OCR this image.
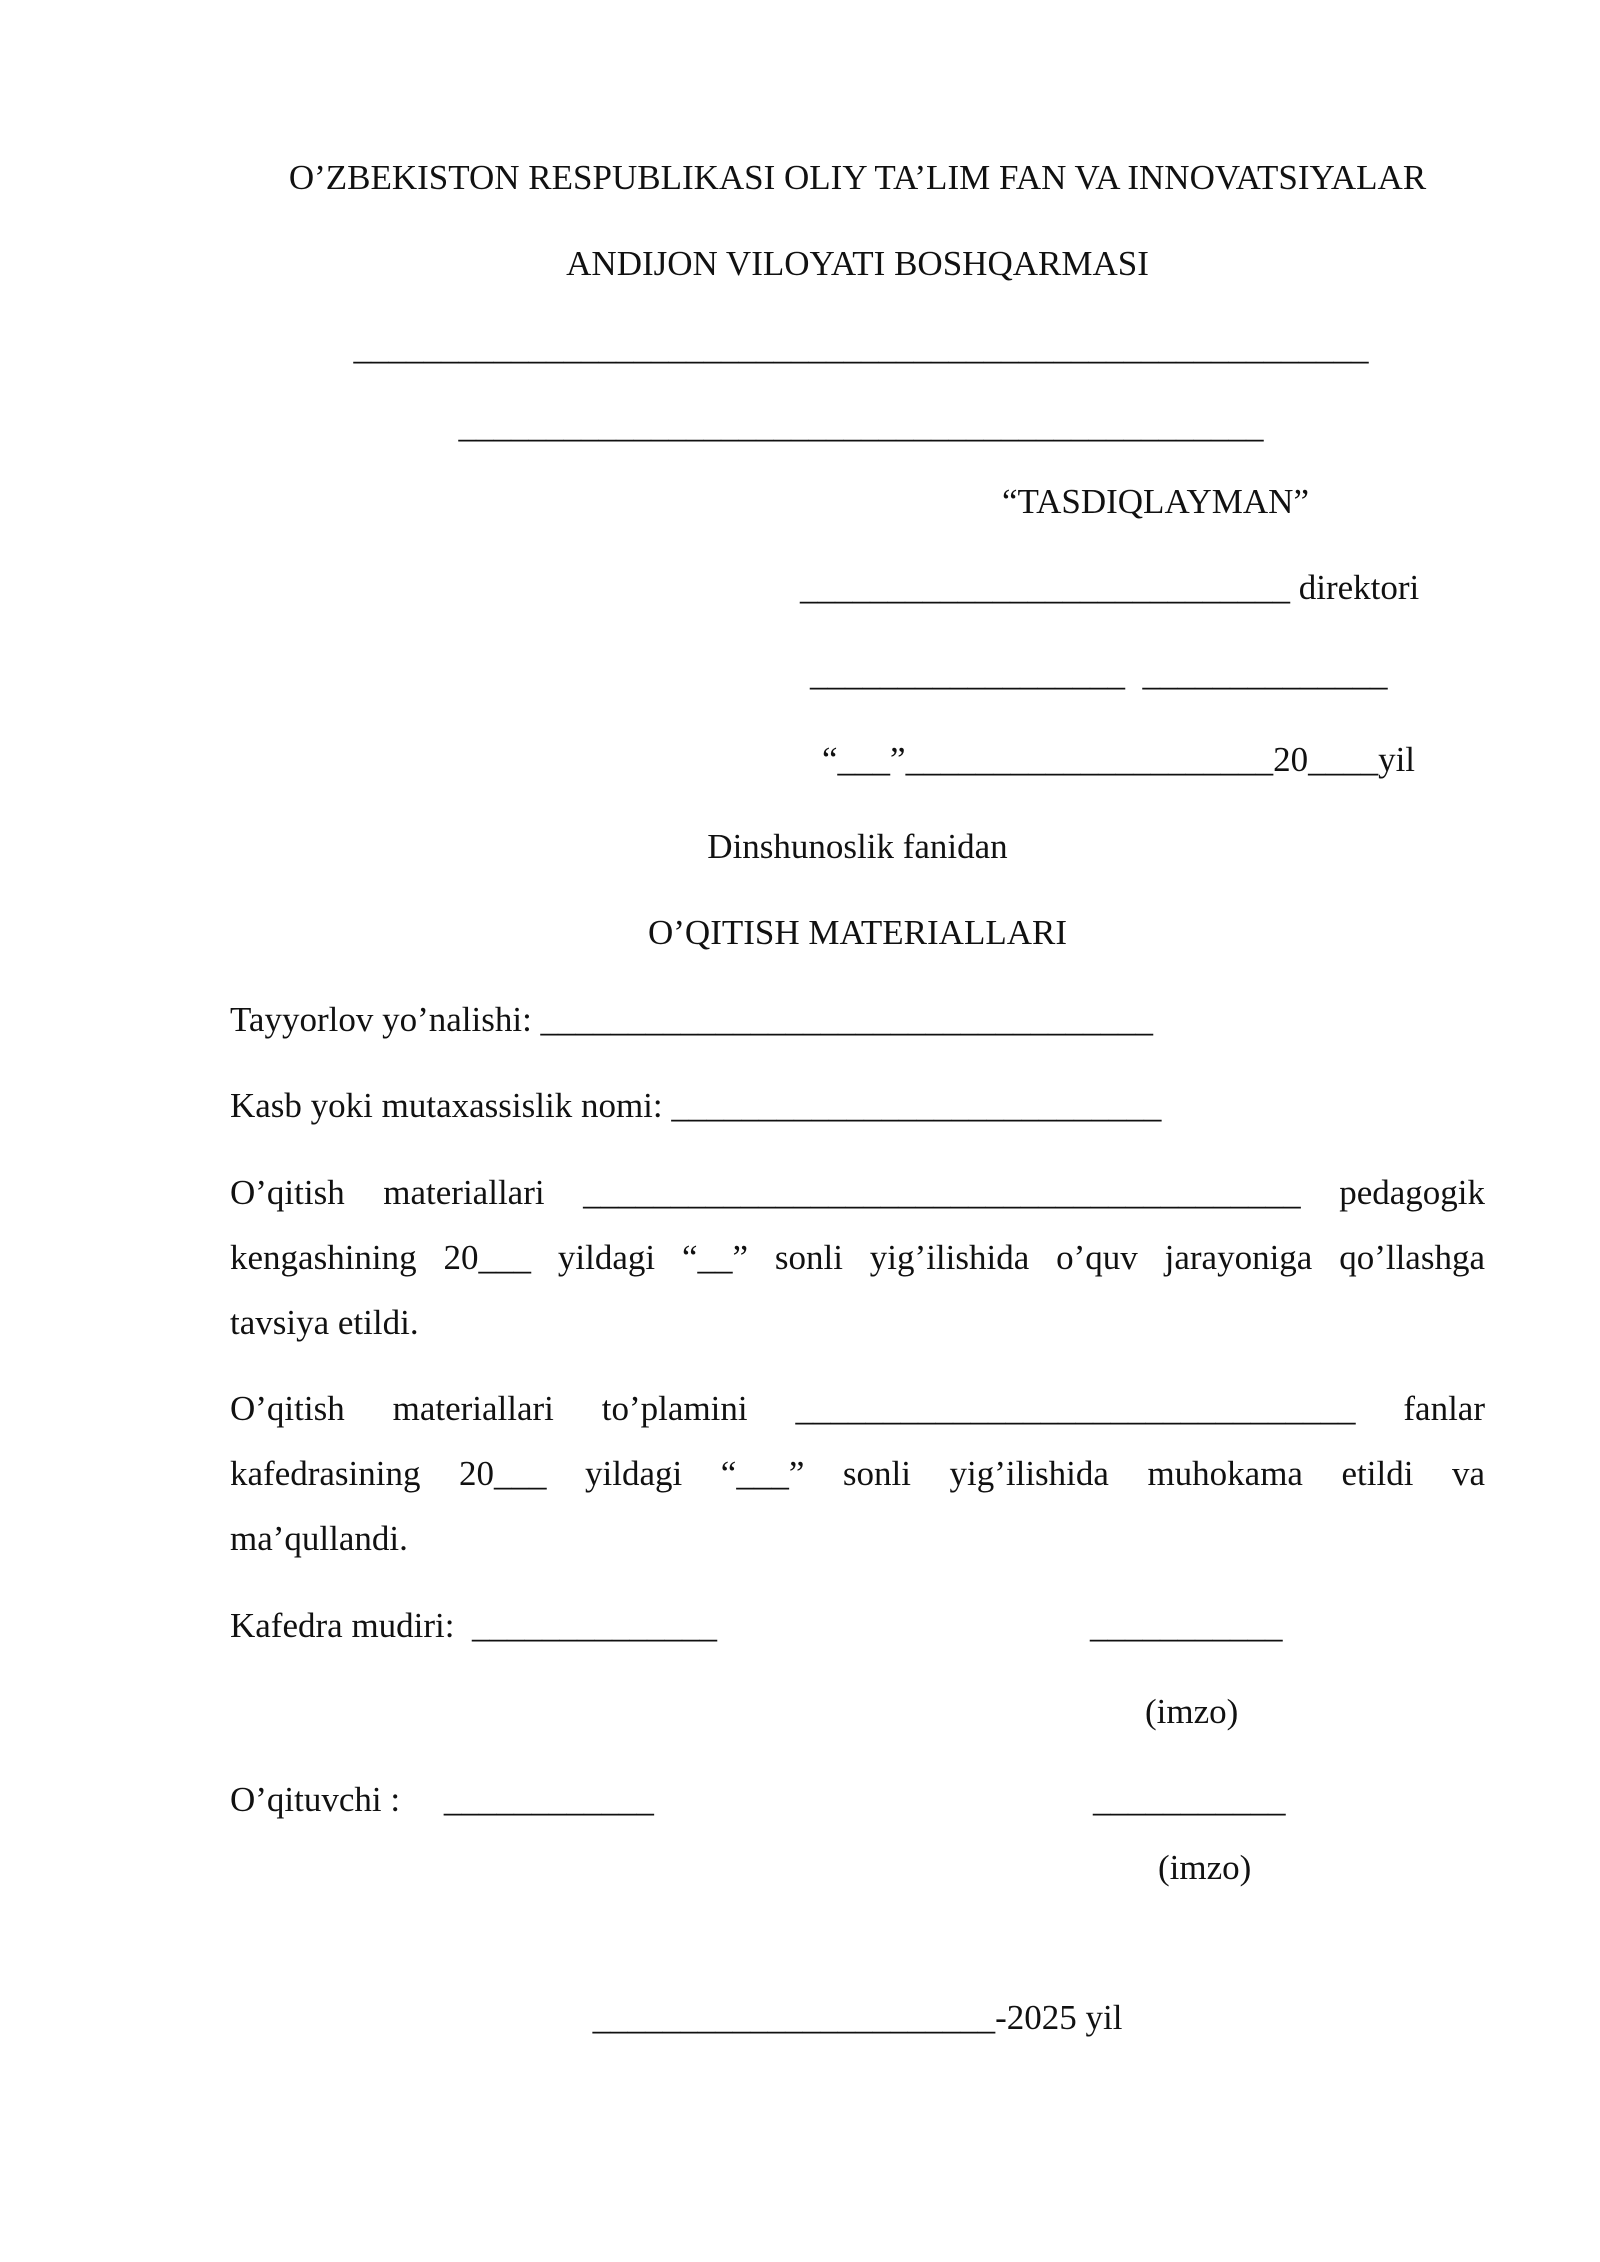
O’ZBEKISTON RESPUBLIKASI OLIY TA’LIM FAN VA INNOVATSIYALAR
ANDIJON VILOYATI BOSHQARMASI
__________________________________________________________
______________________________________________
“TASDIQLAYMAN”
____________________________ direktori
__________________  ______________
“___”_____________________20____yil
Dinshunoslik fanidan
O’QITISH MATERIALLARI
Tayyorlov yo’nalishi: ___________________________________
Kasb yoki mutaxassislik nomi: ____________________________
O’qitish materiallari _________________________________________ pedagogik
kengashining 20___ yildagi “__” sonli yig’ilishida o’quv jarayoniga qo’llashga
tavsiya etildi.
O’qitish materiallari to’plamini ________________________________ fanlar
kafedrasining 20___ yildagi “___” sonli yig’ilishida muhokama etildi va
ma’qullandi.
Kafedra mudiri:  ______________	___________
(imzo)
O’qituvchi :     ____________	___________
(imzo)
_______________________-2025 yil
